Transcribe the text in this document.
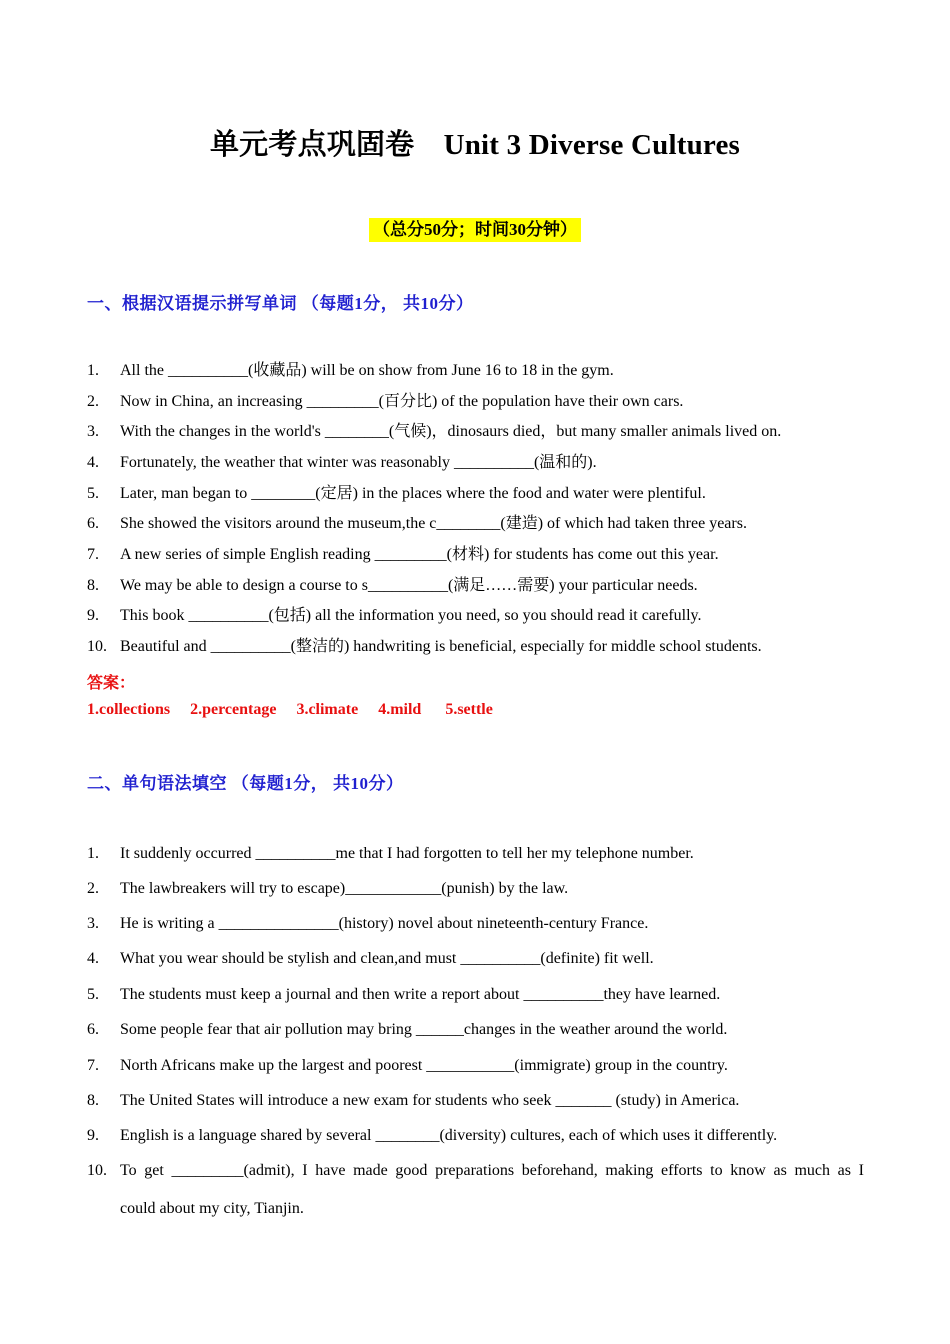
单元考点巩固卷　Unit 3 Diverse Cultures
（总分50分；时间30分钟）
一、根据汉语提示拼写单词 （每题1分， 共10分）
1. All the __________(收藏品) will be on show from June 16 to 18 in the gym.
2. Now in China, an increasing _________(百分比) of the population have their own cars.
3. With the changes in the world's ________(气候)，dinosaurs died，but many smaller animals lived on.
4. Fortunately, the weather that winter was reasonably __________(温和的).
5. Later, man began to ________(定居) in the places where the food and water were plentiful.
6. She showed the visitors around the museum,the c________(建造) of which had taken three years.
7. A new series of simple English reading _________(材料) for students has come out this year.
8. We may be able to design a course to s__________(满足……需要) your particular needs.
9. This book __________(包括) all the information you need, so you should read it carefully.
10. Beautiful and __________(整洁的) handwriting is beneficial, especially for middle school students.
答案：
1.collections 2.percentage 3.climate 4.mild 5.settle
二、单句语法填空 （每题1分， 共10分）
1. It suddenly occurred __________me that I had forgotten to tell her my telephone number.
2. The lawbreakers will try to escape)____________(punish) by the law.
3. He is writing a _______________(history) novel about nineteenth-century France.
4. What you wear should be stylish and clean,and must __________(definite) fit well.
5. The students must keep a journal and then write a report about __________they have learned.
6. Some people fear that air pollution may bring ______changes in the weather around the world.
7. North Africans make up the largest and poorest ___________(immigrate) group in the country.
8. The United States will introduce a new exam for students who seek _______ (study) in America.
9. English is a language shared by several ________(diversity) cultures, each of which uses it differently.
10. To get _________(admit), I have made good preparations beforehand, making efforts to know as much as I
could about my city, Tianjin.
